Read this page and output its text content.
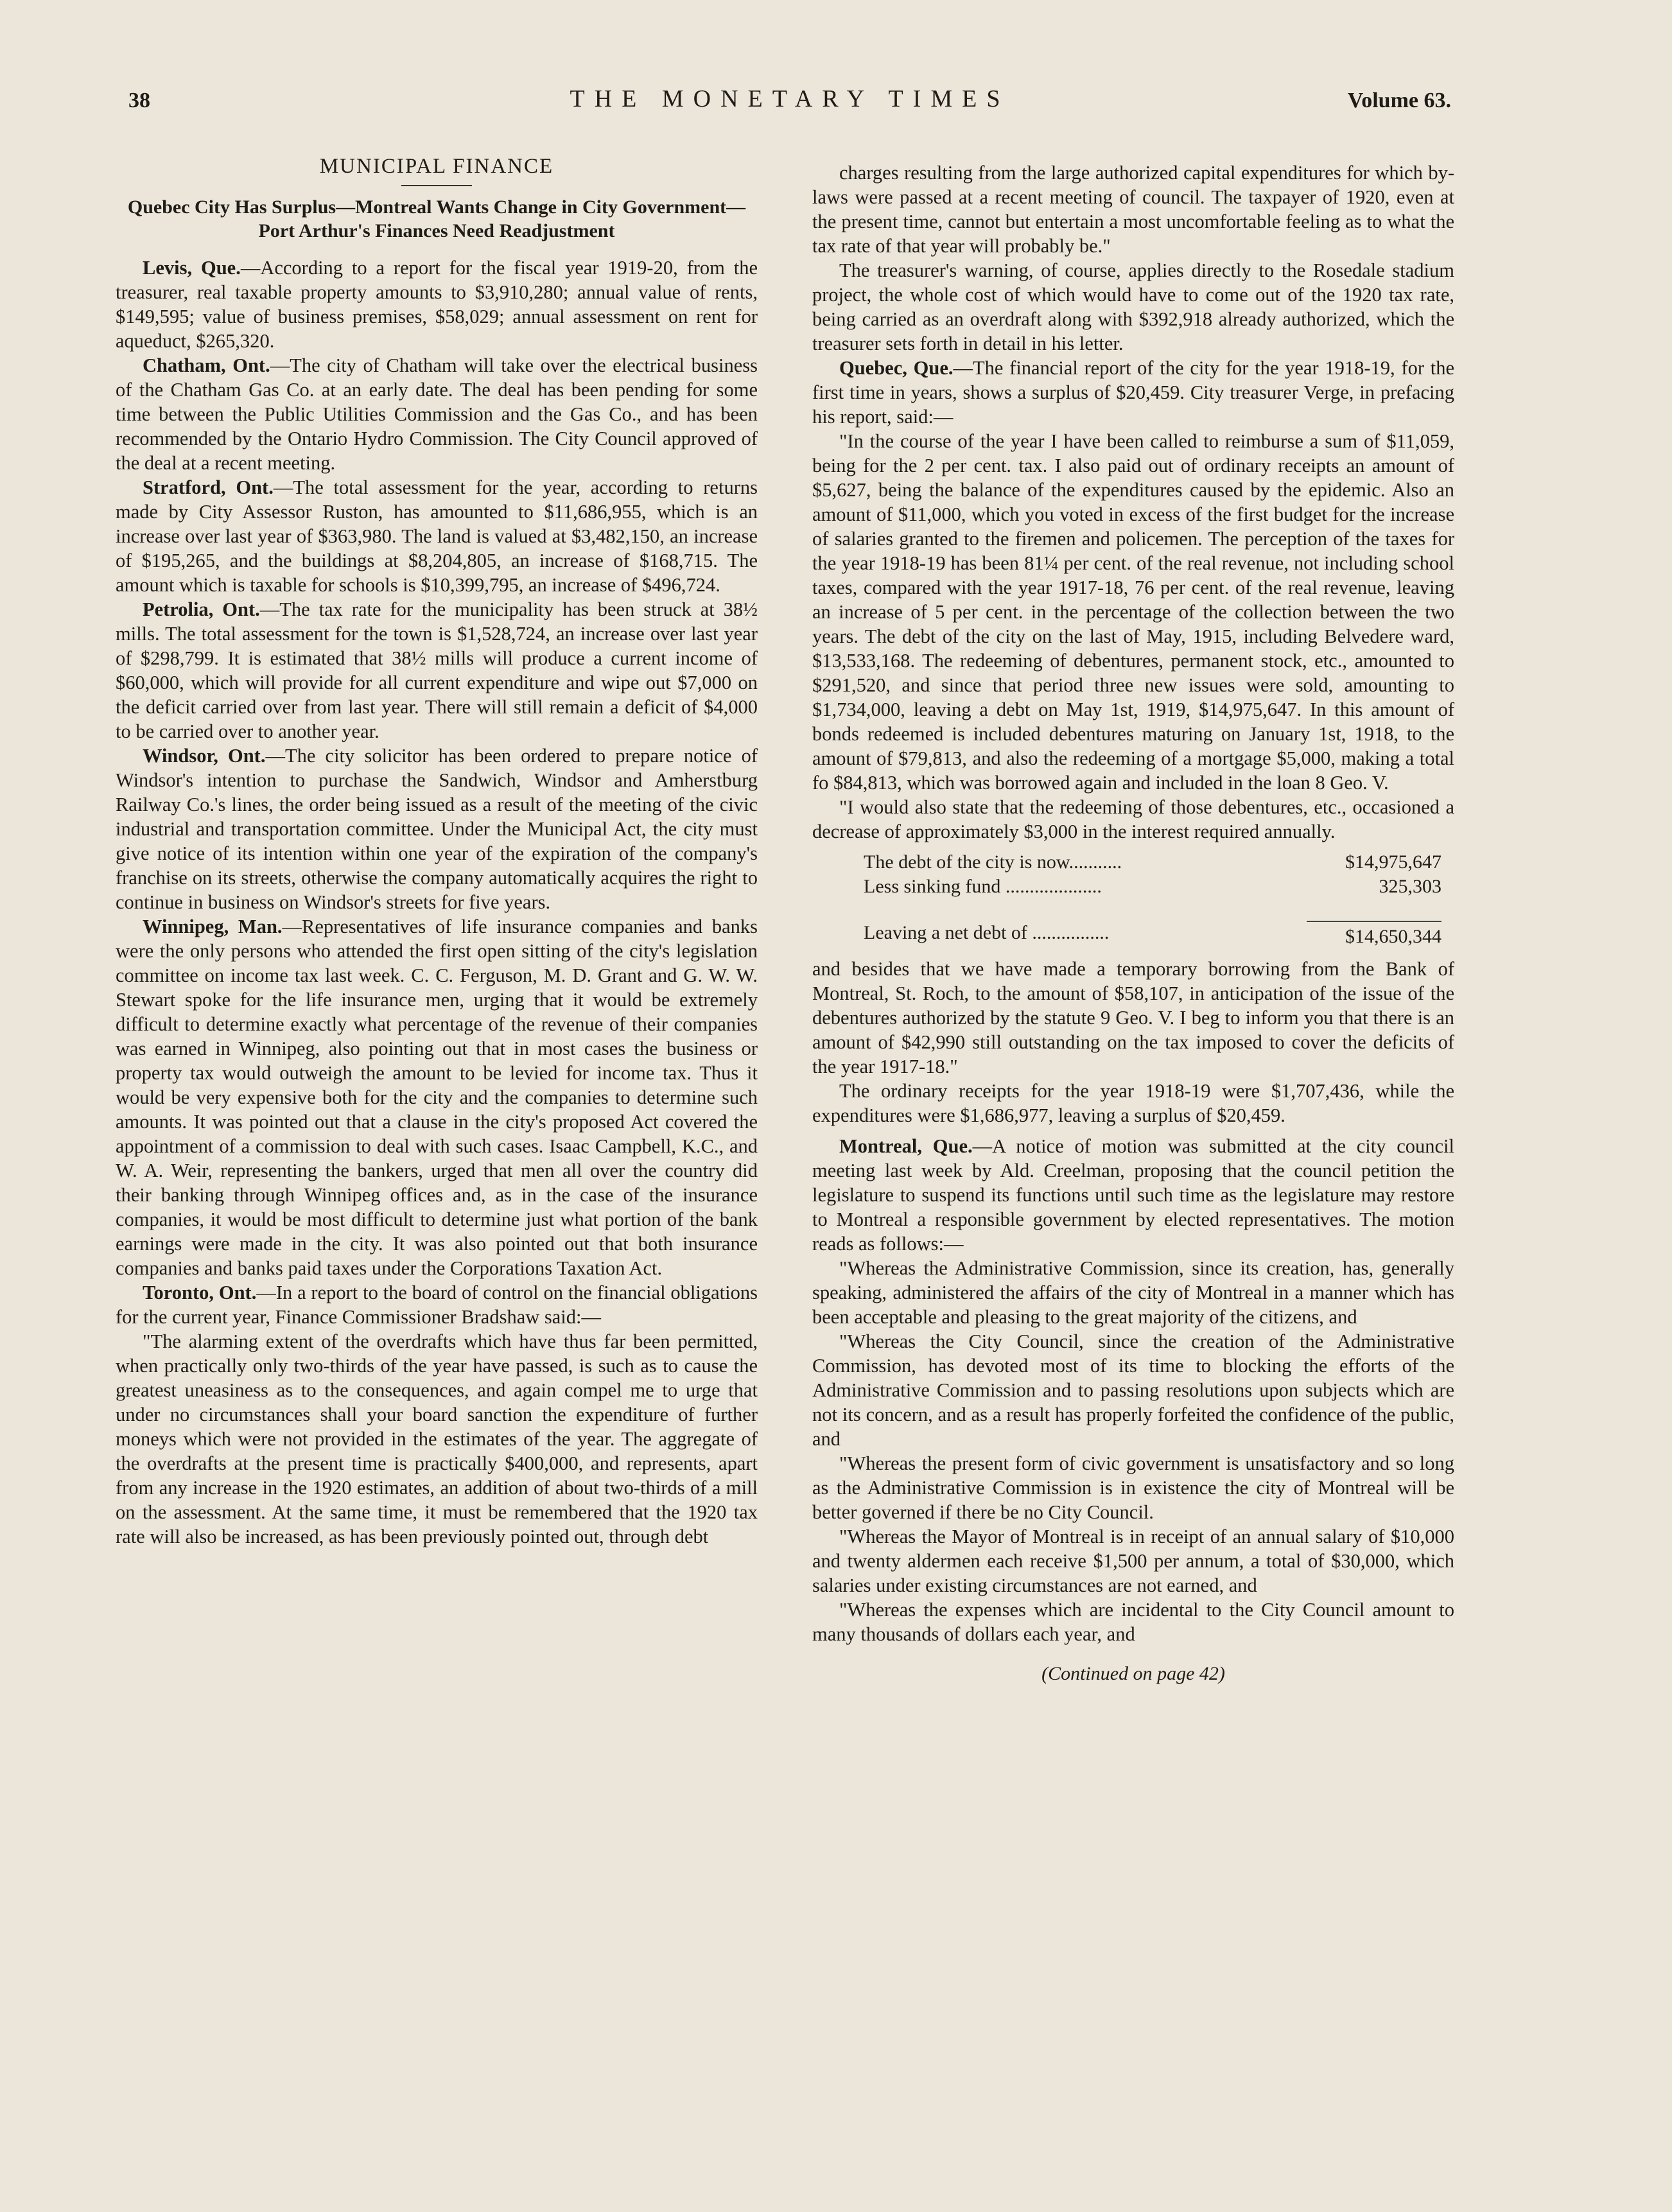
38	THE MONETARY TIMES	Volume 63.
MUNICIPAL FINANCE
Quebec City Has Surplus—Montreal Wants Change in City Government—Port Arthur's Finances Need Readjustment

Levis, Que.—According to a report for the fiscal year 1919-20, from the treasurer, real taxable property amounts to $3,910,280; annual value of rents, $149,595; value of business premises, $58,029; annual assessment on rent for aqueduct, $265,320.

Chatham, Ont.—The city of Chatham will take over the electrical business of the Chatham Gas Co. at an early date. The deal has been pending for some time between the Public Utilities Commission and the Gas Co., and has been recommended by the Ontario Hydro Commission. The City Council approved of the deal at a recent meeting.

Stratford, Ont.—The total assessment for the year, according to returns made by City Assessor Ruston, has amounted to $11,686,955, which is an increase over last year of $363,980. The land is valued at $3,482,150, an increase of $195,265, and the buildings at $8,204,805, an increase of $168,715. The amount which is taxable for schools is $10,399,795, an increase of $496,724.

Petrolia, Ont.—The tax rate for the municipality has been struck at 38½ mills. The total assessment for the town is $1,528,724, an increase over last year of $298,799. It is estimated that 38½ mills will produce a current income of $60,000, which will provide for all current expenditure and wipe out $7,000 on the deficit carried over from last year. There will still remain a deficit of $4,000 to be carried over to another year.

Windsor, Ont.—The city solicitor has been ordered to prepare notice of Windsor's intention to purchase the Sandwich, Windsor and Amherstburg Railway Co.'s lines, the order being issued as a result of the meeting of the civic industrial and transportation committee. Under the Municipal Act, the city must give notice of its intention within one year of the expiration of the company's franchise on its streets, otherwise the company automatically acquires the right to continue in business on Windsor's streets for five years.

Winnipeg, Man.—Representatives of life insurance companies and banks were the only persons who attended the first open sitting of the city's legislation committee on income tax last week. C. C. Ferguson, M. D. Grant and G. W. W. Stewart spoke for the life insurance men, urging that it would be extremely difficult to determine exactly what percentage of the revenue of their companies was earned in Winnipeg, also pointing out that in most cases the business or property tax would outweigh the amount to be levied for income tax. Thus it would be very expensive both for the city and the companies to determine such amounts. It was pointed out that a clause in the city's proposed Act covered the appointment of a commission to deal with such cases. Isaac Campbell, K.C., and W. A. Weir, representing the bankers, urged that men all over the country did their banking through Winnipeg offices and, as in the case of the insurance companies, it would be most difficult to determine just what portion of the bank earnings were made in the city. It was also pointed out that both insurance companies and banks paid taxes under the Corporations Taxation Act.

Toronto, Ont.—In a report to the board of control on the financial obligations for the current year, Finance Commissioner Bradshaw said:—

"The alarming extent of the overdrafts which have thus far been permitted, when practically only two-thirds of the year have passed, is such as to cause the greatest uneasiness as to the consequences, and again compel me to urge that under no circumstances shall your board sanction the expenditure of further moneys which were not provided in the estimates of the year. The aggregate of the overdrafts at the present time is practically $400,000, and represents, apart from any increase in the 1920 estimates, an addition of about two-thirds of a mill on the assessment. At the same time, it must be remembered that the 1920 tax rate will also be increased, as has been previously pointed out, through debt

charges resulting from the large authorized capital expenditures for which by-laws were passed at a recent meeting of council. The taxpayer of 1920, even at the present time, cannot but entertain a most uncomfortable feeling as to what the tax rate of that year will probably be."

The treasurer's warning, of course, applies directly to the Rosedale stadium project, the whole cost of which would have to come out of the 1920 tax rate, being carried as an overdraft along with $392,918 already authorized, which the treasurer sets forth in detail in his letter.

Quebec, Que.—The financial report of the city for the year 1918-19, for the first time in years, shows a surplus of $20,459. City treasurer Verge, in prefacing his report, said:—

"In the course of the year I have been called to reimburse a sum of $11,059, being for the 2 per cent. tax. I also paid out of ordinary receipts an amount of $5,627, being the balance of the expenditures caused by the epidemic. Also an amount of $11,000, which you voted in excess of the first budget for the increase of salaries granted to the firemen and policemen. The perception of the taxes for the year 1918-19 has been 81¼ per cent. of the real revenue, not including school taxes, compared with the year 1917-18, 76 per cent. of the real revenue, leaving an increase of 5 per cent. in the percentage of the collection between the two years. The debt of the city on the last of May, 1915, including Belvedere ward, $13,533,168. The redeeming of debentures, permanent stock, etc., amounted to $291,520, and since that period three new issues were sold, amounting to $1,734,000, leaving a debt on May 1st, 1919, $14,975,647. In this amount of bonds redeemed is included debentures maturing on January 1st, 1918, to the amount of $79,813, and also the redeeming of a mortgage $5,000, making a total fo $84,813, which was borrowed again and included in the loan 8 Geo. V.

"I would also state that the redeeming of those debentures, etc., occasioned a decrease of approximately $3,000 in the interest required annually.

The debt of the city is now...........	$14,975,647
Less sinking fund ....................	325,303
Leaving a net debt of ................	$14,650,344

and besides that we have made a temporary borrowing from the Bank of Montreal, St. Roch, to the amount of $58,107, in anticipation of the issue of the debentures authorized by the statute 9 Geo. V. I beg to inform you that there is an amount of $42,990 still outstanding on the tax imposed to cover the deficits of the year 1917-18."

The ordinary receipts for the year 1918-19 were $1,707,436, while the expenditures were $1,686,977, leaving a surplus of $20,459.

Montreal, Que.—A notice of motion was submitted at the city council meeting last week by Ald. Creelman, proposing that the council petition the legislature to suspend its functions until such time as the legislature may restore to Montreal a responsible government by elected representatives. The motion reads as follows:—

"Whereas the Administrative Commission, since its creation, has, generally speaking, administered the affairs of the city of Montreal in a manner which has been acceptable and pleasing to the great majority of the citizens, and

"Whereas the City Council, since the creation of the Administrative Commission, has devoted most of its time to blocking the efforts of the Administrative Commission and to passing resolutions upon subjects which are not its concern, and as a result has properly forfeited the confidence of the public, and

"Whereas the present form of civic government is unsatisfactory and so long as the Administrative Commission is in existence the city of Montreal will be better governed if there be no City Council.

"Whereas the Mayor of Montreal is in receipt of an annual salary of $10,000 and twenty aldermen each receive $1,500 per annum, a total of $30,000, which salaries under existing circumstances are not earned, and

"Whereas the expenses which are incidental to the City Council amount to many thousands of dollars each year, and

(Continued on page 42)
